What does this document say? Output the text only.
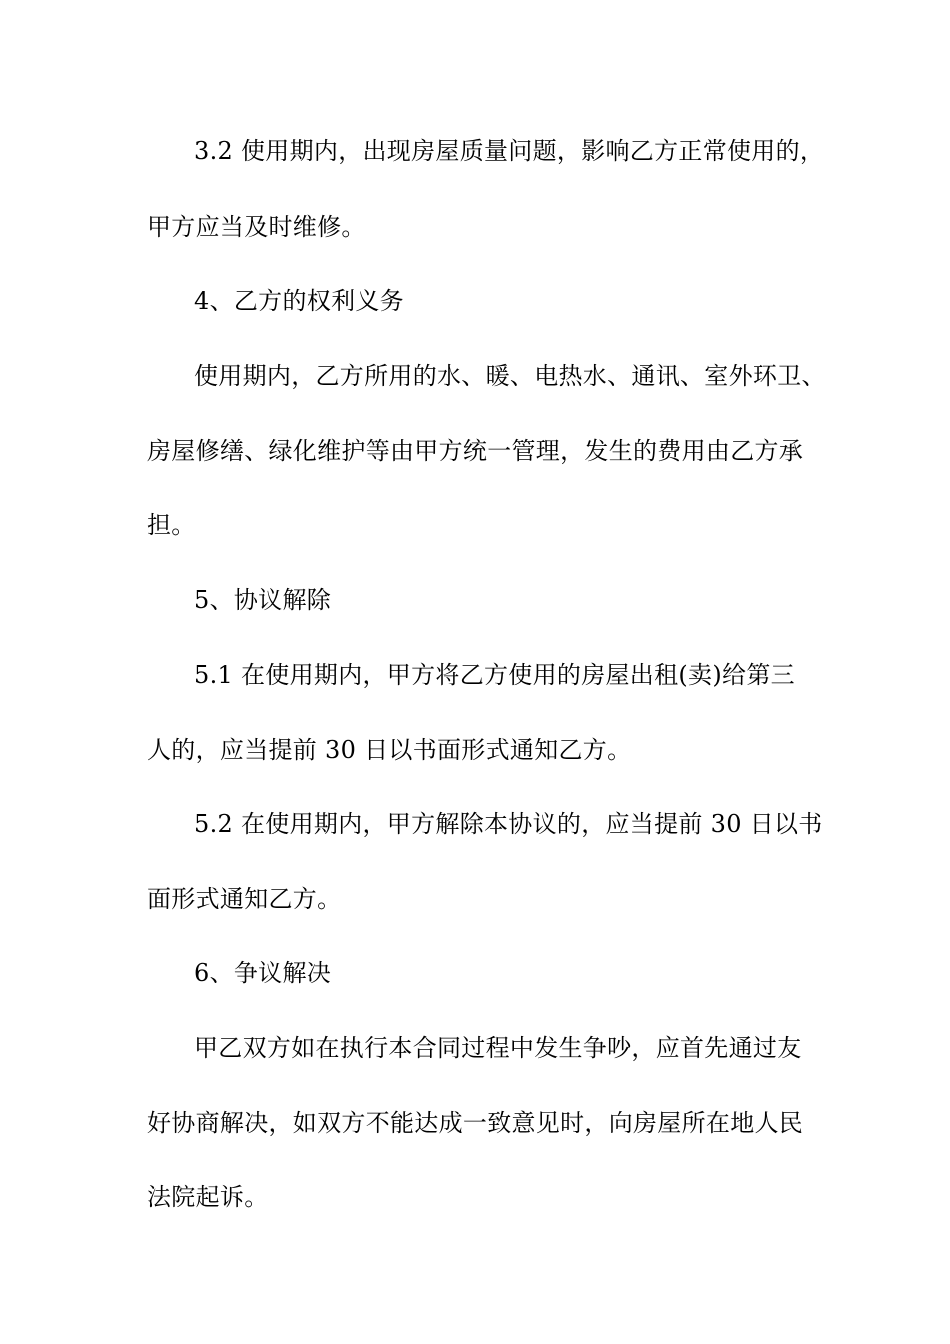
3.2 使用期内，出现房屋质量问题，影响乙方正常使用的，
甲方应当及时维修。
4、乙方的权利义务
使用期内，乙方所用的水、暖、电热水、通讯、室外环卫、
房屋修缮、绿化维护等由甲方统一管理，发生的费用由乙方承
担。
5、协议解除
5.1 在使用期内，甲方将乙方使用的房屋出租(卖)给第三
人的，应当提前 30 日以书面形式通知乙方。
5.2 在使用期内，甲方解除本协议的，应当提前 30 日以书
面形式通知乙方。
6、争议解决
甲乙双方如在执行本合同过程中发生争吵，应首先通过友
好协商解决，如双方不能达成一致意见时，向房屋所在地人民
法院起诉。
